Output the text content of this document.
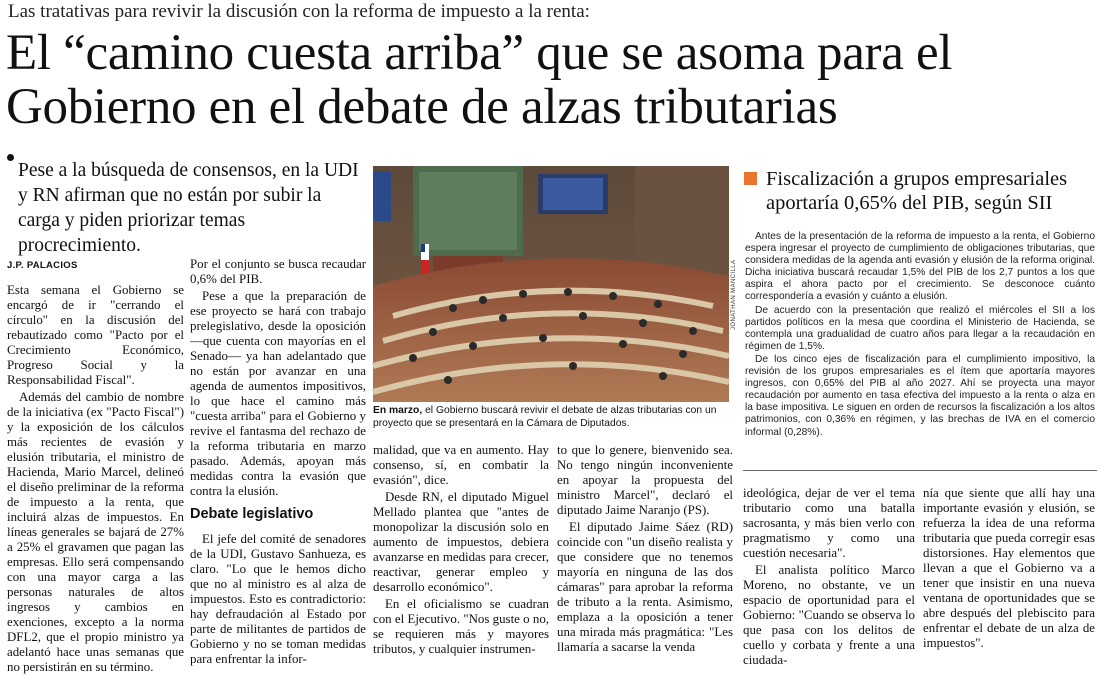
Las tratativas para revivir la discusión con la reforma de impuesto a la renta:
El “camino cuesta arriba” que se asoma para el Gobierno en el debate de alzas tributarias
Pese a la búsqueda de consensos, en la UDI y RN afirman que no están por subir la carga y piden priorizar temas procrecimiento.
J.P. PALACIOS

Esta semana el Gobierno se encargó de ir "cerrando el círculo" en la discusión del rebautizado como "Pacto por el Crecimiento Económico, Progreso Social y la Responsabilidad Fiscal".

Además del cambio de nombre de la iniciativa (ex "Pacto Fiscal") y la exposición de los cálculos más recientes de evasión y elusión tributaria, el ministro de Hacienda, Mario Marcel, delineó el diseño preliminar de la reforma de impuesto a la renta, que incluirá alzas de impuestos. En líneas generales se bajará de 27% a 25% el gravamen que pagan las empresas. Ello será compensando con una mayor carga a las personas naturales de altos ingresos y cambios en exenciones, excepto a la norma DFL2, que el propio ministro ya adelantó hace unas semanas que no persistirán en su término.

Por el conjunto se busca recaudar 0,6% del PIB.

Pese a que la preparación de ese proyecto se hará con trabajo prelegislativo, desde la oposición —que cuenta con mayorías en el Senado— ya han adelantado que no están por avanzar en una agenda de aumentos impositivos, lo que hace el camino más "cuesta arriba" para el Gobierno y revive el fantasma del rechazo de la reforma tributaria en marzo pasado. Además, apoyan más medidas contra la evasión que contra la elusión.

Debate legislativo

El jefe del comité de senadores de la UDI, Gustavo Sanhueza, es claro. "Lo que le hemos dicho que no al ministro es al alza de impuestos. Esto es contradictorio: hay defraudación al Estado por parte de militantes de partidos de Gobierno y no se toman medidas para enfrentar la infor-

malidad, que va en aumento. Hay consenso, sí, en combatir la evasión", dice.

Desde RN, el diputado Miguel Mellado plantea que "antes de monopolizar la discusión solo en aumento de impuestos, debiera avanzarse en medidas para crecer, reactivar, generar empleo y desarrollo económico".

En el oficialismo se cuadran con el Ejecutivo. "Nos guste o no, se requieren más y mayores tributos, y cualquier instrumen-

to que lo genere, bienvenido sea. No tengo ningún inconveniente en apoyar la propuesta del ministro Marcel", declaró el diputado Jaime Naranjo (PS).

El diputado Jaime Sáez (RD) coincide con "un diseño realista y que considere que no tenemos mayoría en ninguna de las dos cámaras" para aprobar la reforma de tributo a la renta. Asimismo, emplaza a la oposición a tener una mirada más pragmática: "Les llamaría a sacarse la venda

ideológica, dejar de ver el tema tributario como una batalla sacrosanta, y más bien verlo con pragmatismo y como una cuestión necesaria".

El analista político Marco Moreno, no obstante, ve un espacio de oportunidad para el Gobierno: "Cuando se observa lo que pasa con los delitos de cuello y corbata y frente a una ciudada-

nía que siente que allí hay una importante evasión y elusión, se refuerza la idea de una reforma tributaria que pueda corregir esas distorsiones. Hay elementos que llevan a que el Gobierno va a tener que insistir en una nueva ventana de oportunidades que se abre después del plebiscito para enfrentar el debate de un alza de impuestos".

JONATHAN MANCILLA
En marzo, el Gobierno buscará revivir el debate de alzas tributarias con un proyecto que se presentará en la Cámara de Diputados.
Fiscalización a grupos empresariales aportaría 0,65% del PIB, según SII

Antes de la presentación de la reforma de impuesto a la renta, el Gobierno espera ingresar el proyecto de cumplimiento de obligaciones tributarias, que considera medidas de la agenda anti evasión y elusión de la reforma original. Dicha iniciativa buscará recaudar 1,5% del PIB de los 2,7 puntos a los que aspira el ahora pacto por el crecimiento. Se desconoce cuánto correspondería a evasión y cuánto a elusión.

De acuerdo con la presentación que realizó el miércoles el SII a los partidos políticos en la mesa que coordina el Ministerio de Hacienda, se contempla una gradualidad de cuatro años para llegar a la recaudación en régimen de 1,5%.

De los cinco ejes de fiscalización para el cumplimiento impositivo, la revisión de los grupos empresariales es el ítem que aportaría mayores ingresos, con 0,65% del PIB al año 2027. Ahí se proyecta una mayor recaudación por aumento en tasa efectiva del impuesto a la renta o alza en la base impositiva. Le siguen en orden de recursos la fiscalización a los altos patrimonios, con 0,36% en régimen, y las brechas de IVA en el comercio informal (0,28%).
